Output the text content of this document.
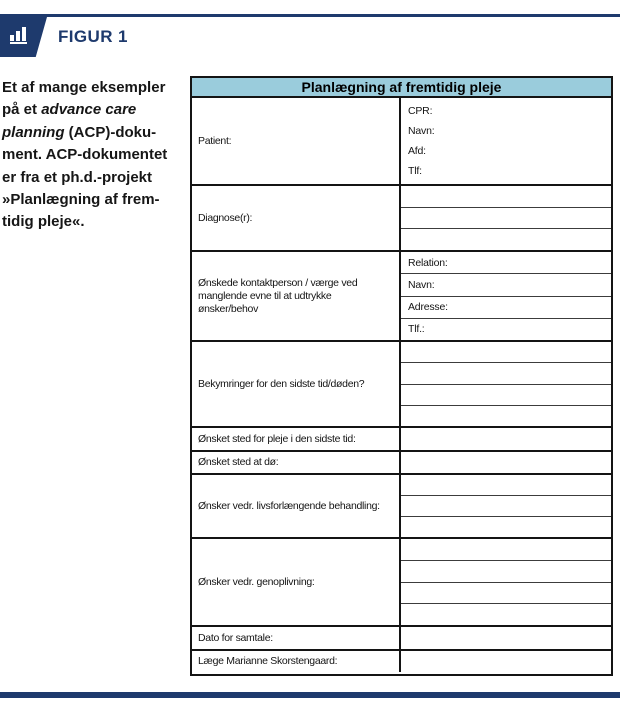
FIGUR 1
Et af mange eksempler
på et advance care
planning (ACP)-doku-
ment. ACP-dokumentet
er fra et ph.d.-projekt
»Planlægning af frem-
tidig pleje«.
Planlægning af fremtidig pleje
Patient:
CPR:
Navn:
Afd:
Tlf:
Diagnose(r):
Ønskede kontaktperson / værge ved manglende evne til at udtrykke ønsker/behov
Relation:
Navn:
Adresse:
Tlf.:
Bekymringer for den sidste tid/døden?
Ønsket sted for pleje i den sidste tid:
Ønsket sted at dø:
Ønsker vedr. livsforlængende behandling:
Ønsker vedr. genoplivning:
Dato for samtale:
Læge Marianne Skorstengaard:
